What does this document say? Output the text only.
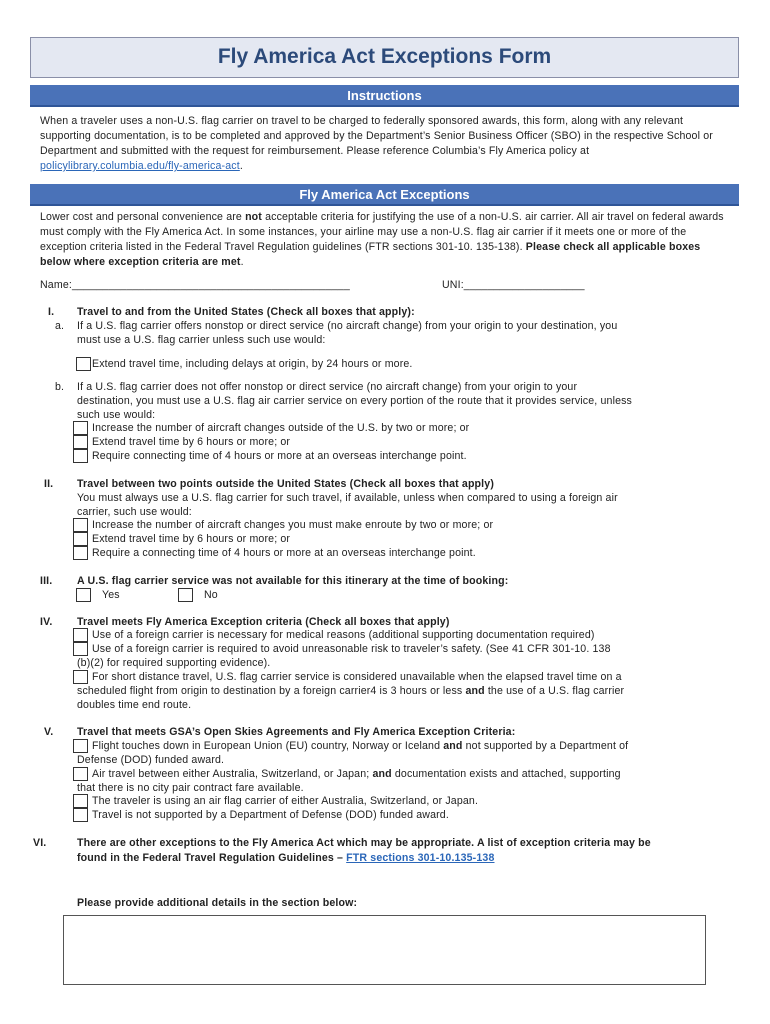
Fly America Act Exceptions Form
Instructions

When a traveler uses a non-U.S. flag carrier on travel to be charged to federally sponsored awards, this form, along with any relevant supporting documentation, is to be completed and approved by the Department’s Senior Business Officer (SBO) in the respective School or Department and submitted with the request for reimbursement. Please reference Columbia’s Fly America policy at policylibrary.columbia.edu/fly-america-act.

Fly America Act Exceptions

Lower cost and personal convenience are not acceptable criteria for justifying the use of a non-U.S. air carrier. All air travel on federal awards must comply with the Fly America Act. In some instances, your airline may use a non-U.S. flag air carrier if it meets one or more of the exception criteria listed in the Federal Travel Regulation guidelines (FTR sections 301-10. 135-138). Please check all applicable boxes below where exception criteria are met.

Name:______________________________________________	UNI:____________________
I. Travel to and from the United States (Check all boxes that apply):
a. If a U.S. flag carrier offers nonstop or direct service (no aircraft change) from your origin to your destination, you
must use a U.S. flag carrier unless such use would:
Extend travel time, including delays at origin, by 24 hours or more.
b. If a U.S. flag carrier does not offer nonstop or direct service (no aircraft change) from your origin to your
destination, you must use a U.S. flag air carrier service on every portion of the route that it provides service, unless
such use would:
Increase the number of aircraft changes outside of the U.S. by two or more; or
Extend travel time by 6 hours or more; or
Require connecting time of 4 hours or more at an overseas interchange point.
II. Travel between two points outside the United States (Check all boxes that apply)
You must always use a U.S. flag carrier for such travel, if available, unless when compared to using a foreign air
carrier, such use would:
Increase the number of aircraft changes you must make enroute by two or more; or
Extend travel time by 6 hours or more; or
Require a connecting time of 4 hours or more at an overseas interchange point.
III. A U.S. flag carrier service was not available for this itinerary at the time of booking:
Yes	No
IV. Travel meets Fly America Exception criteria (Check all boxes that apply)
Use of a foreign carrier is necessary for medical reasons (additional supporting documentation required)
Use of a foreign carrier is required to avoid unreasonable risk to traveler’s safety. (See 41 CFR 301-10. 138
(b)(2) for required supporting evidence).
For short distance travel, U.S. flag carrier service is considered unavailable when the elapsed travel time on a
scheduled flight from origin to destination by a foreign carrier4 is 3 hours or less and the use of a U.S. flag carrier
doubles time end route.
V. Travel that meets GSA’s Open Skies Agreements and Fly America Exception Criteria:
Flight touches down in European Union (EU) country, Norway or Iceland and not supported by a Department of
Defense (DOD) funded award.
Air travel between either Australia, Switzerland, or Japan; and documentation exists and attached, supporting
that there is no city pair contract fare available.
The traveler is using an air flag carrier of either Australia, Switzerland, or Japan.
Travel is not supported by a Department of Defense (DOD) funded award.
VI.	There are other exceptions to the Fly America Act which may be appropriate. A list of exception criteria may be
found in the Federal Travel Regulation Guidelines – FTR sections 301-10.135-138
Please provide additional details in the section below:
